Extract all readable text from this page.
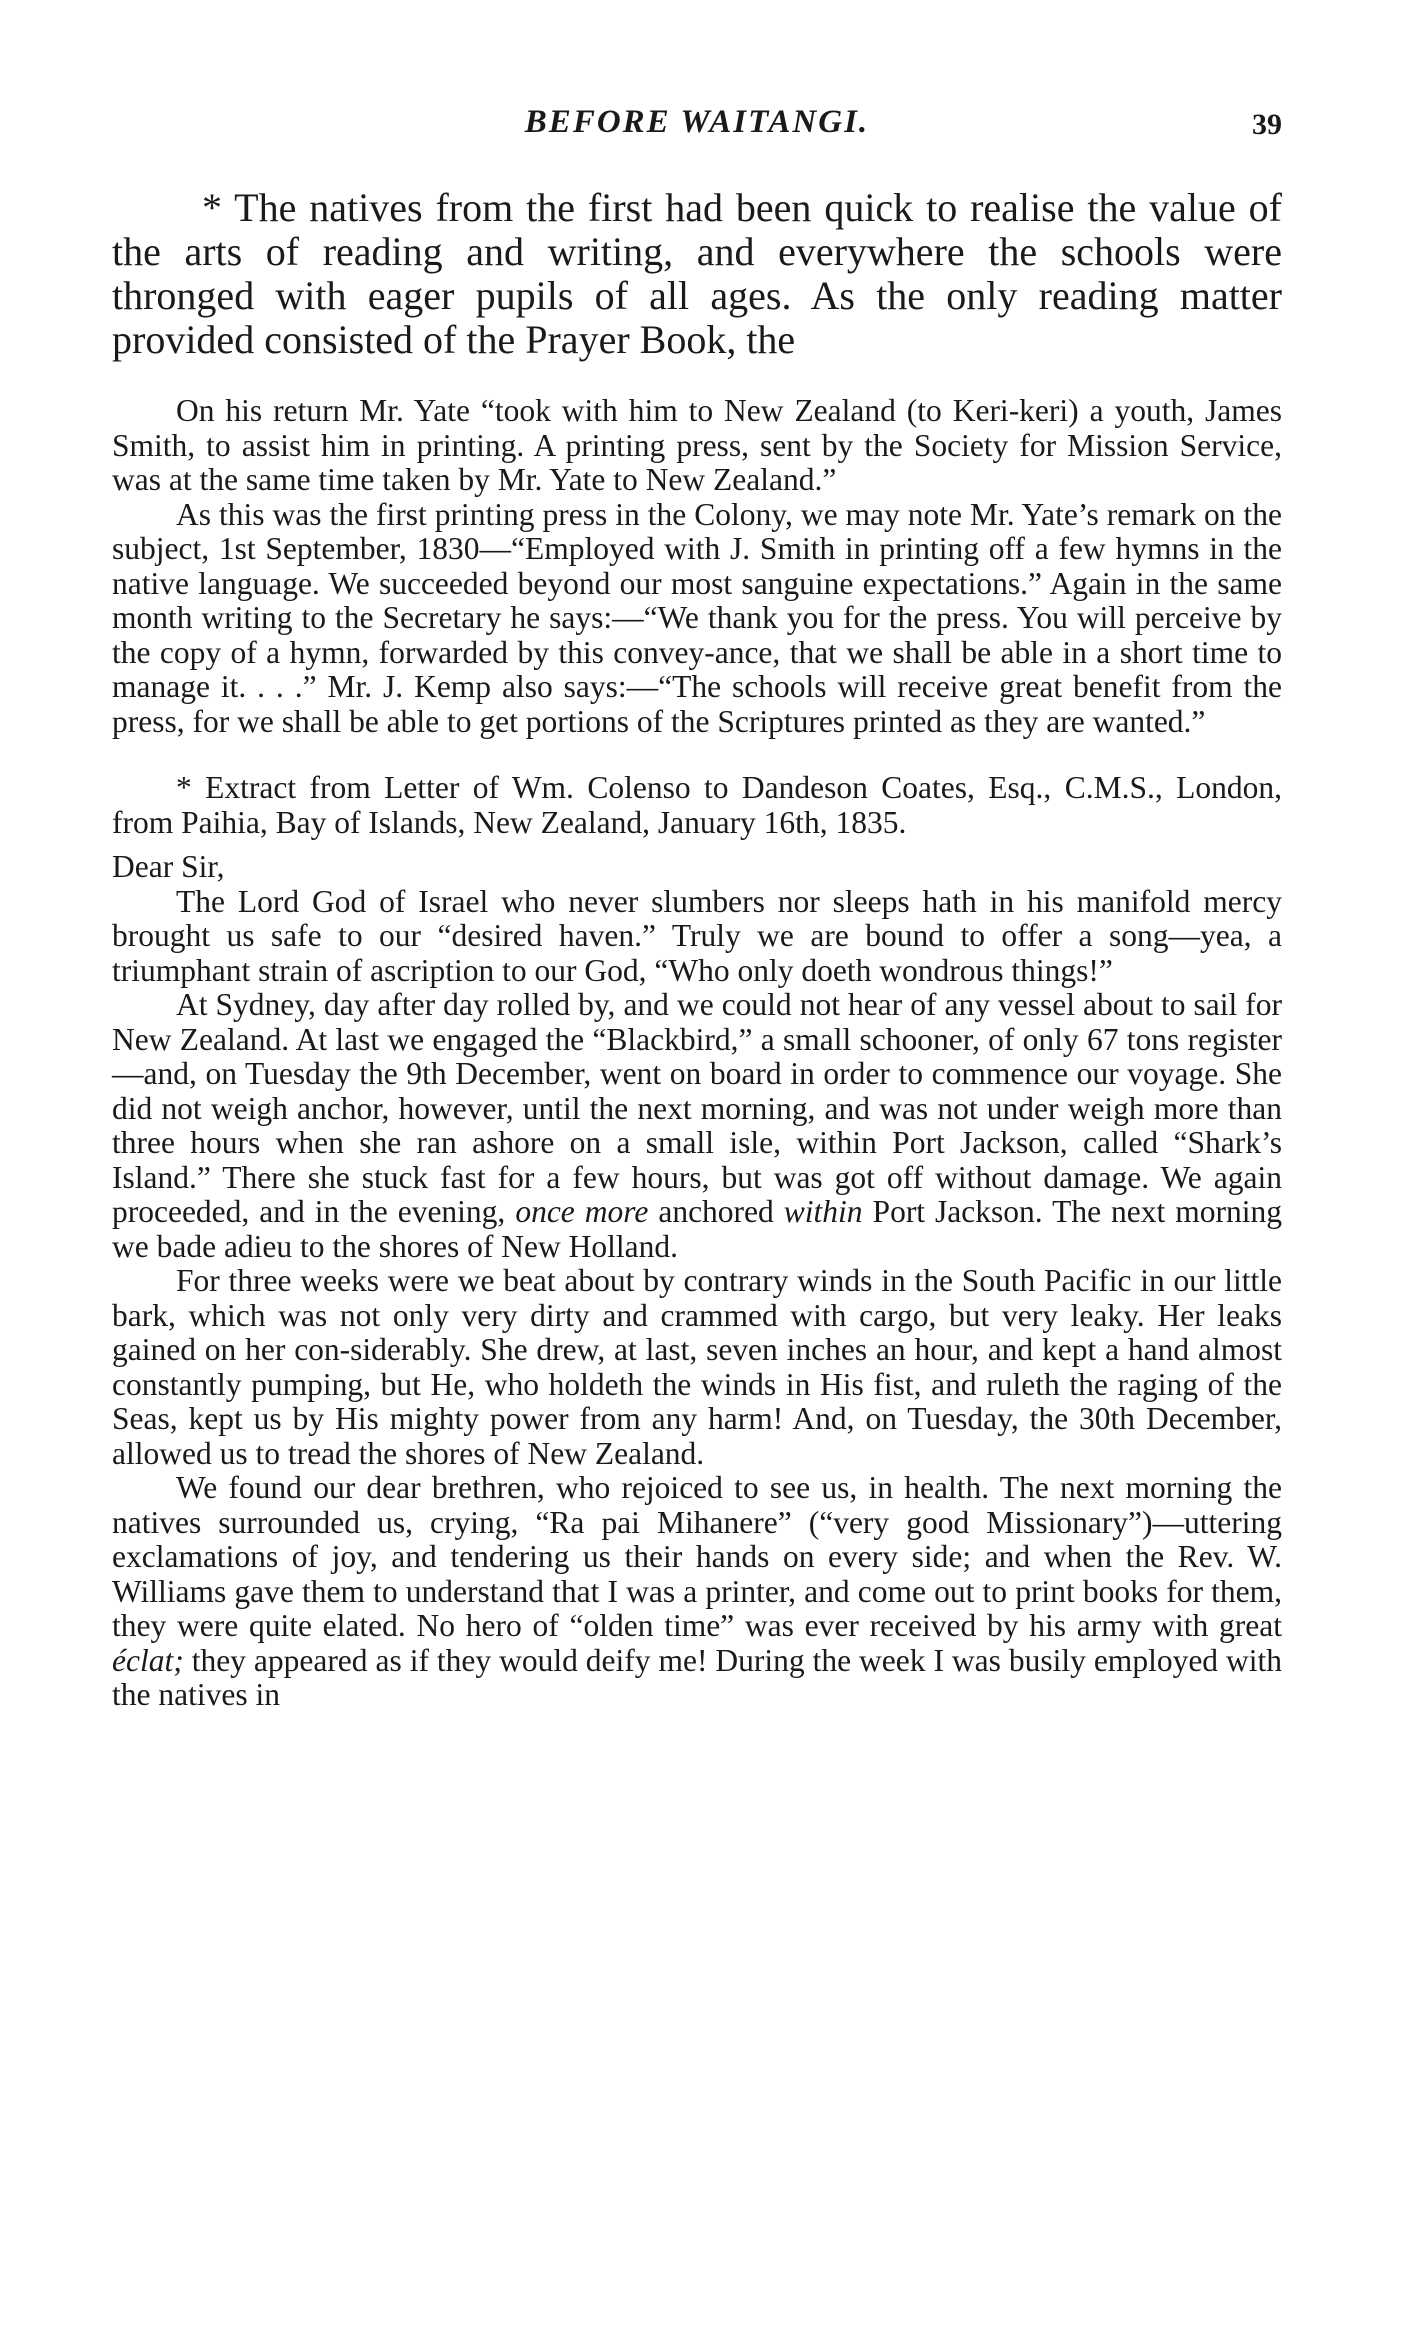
BEFORE WAITANGI.	39

* The natives from the first had been quick to realise the value of the arts of reading and writing, and everywhere the schools were thronged with eager pupils of all ages. As the only reading matter provided consisted of the Prayer Book, the

On his return Mr. Yate “took with him to New Zealand (to Keri-keri) a youth, James Smith, to assist him in printing. A printing press, sent by the Society for Mission Service, was at the same time taken by Mr. Yate to New Zealand.”

As this was the first printing press in the Colony, we may note Mr. Yate’s remark on the subject, 1st September, 1830—“Employed with J. Smith in printing off a few hymns in the native language. We succeeded beyond our most sanguine expectations.” Again in the same month writing to the Secretary he says:—“We thank you for the press. You will perceive by the copy of a hymn, forwarded by this convey-ance, that we shall be able in a short time to manage it. . . .” Mr. J. Kemp also says:—“The schools will receive great benefit from the press, for we shall be able to get portions of the Scriptures printed as they are wanted.”

* Extract from Letter of Wm. Colenso to Dandeson Coates, Esq., C.M.S., London, from Paihia, Bay of Islands, New Zealand, January 16th, 1835.

Dear Sir,

The Lord God of Israel who never slumbers nor sleeps hath in his manifold mercy brought us safe to our “desired haven.” Truly we are bound to offer a song—yea, a triumphant strain of ascription to our God, “Who only doeth wondrous things!”

At Sydney, day after day rolled by, and we could not hear of any vessel about to sail for New Zealand. At last we engaged the “Blackbird,” a small schooner, of only 67 tons register—and, on Tuesday the 9th December, went on board in order to commence our voyage. She did not weigh anchor, however, until the next morning, and was not under weigh more than three hours when she ran ashore on a small isle, within Port Jackson, called “Shark’s Island.” There she stuck fast for a few hours, but was got off without damage. We again proceeded, and in the evening, once more anchored within Port Jackson. The next morning we bade adieu to the shores of New Holland.

For three weeks were we beat about by contrary winds in the South Pacific in our little bark, which was not only very dirty and crammed with cargo, but very leaky. Her leaks gained on her con-siderably. She drew, at last, seven inches an hour, and kept a hand almost constantly pumping, but He, who holdeth the winds in His fist, and ruleth the raging of the Seas, kept us by His mighty power from any harm! And, on Tuesday, the 30th December, allowed us to tread the shores of New Zealand.

We found our dear brethren, who rejoiced to see us, in health. The next morning the natives surrounded us, crying, “Ra pai Mihanere” (“very good Missionary”)—uttering exclamations of joy, and tendering us their hands on every side; and when the Rev. W. Williams gave them to understand that I was a printer, and come out to print books for them, they were quite elated. No hero of “olden time” was ever received by his army with great éclat; they appeared as if they would deify me! During the week I was busily employed with the natives in
